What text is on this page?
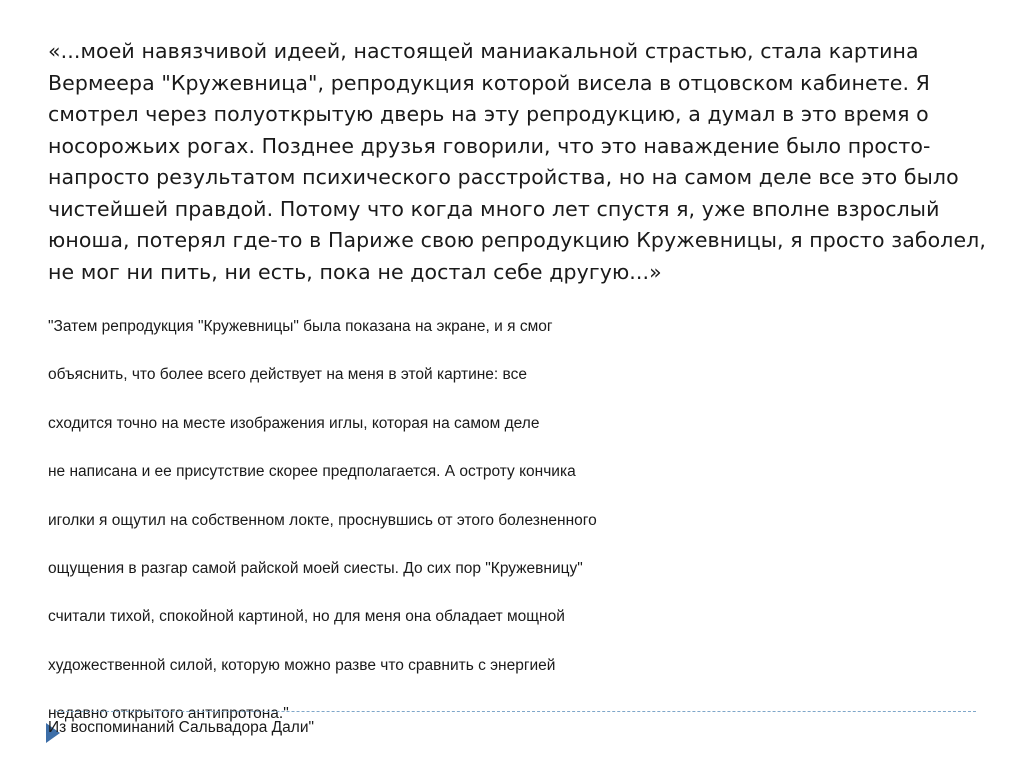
«...моей навязчивой идеей, настоящей маниакальной страстью, стала картина
Вермеера "Кружевница", репродукция которой висела в отцовском кабинете. Я
смотрел через полуоткрытую дверь на эту репродукцию, а думал в это время о
носорожьих рогах. Позднее друзья говорили, что это наваждение было просто-
напросто результатом психического расстройства, но на самом деле все это было
чистейшей правдой. Потому что когда много лет спустя я, уже вполне взрослый
юноша, потерял где-то в Париже свою репродукцию Кружевницы, я просто заболел,
не мог ни пить, ни есть, пока не достал себе другую...»
"Затем репродукция "Кружевницы" была показана на экране, и я смог
объяснить, что более всего действует на меня в этой картине: все
сходится точно на месте изображения иглы, которая на самом деле
не написана и ее присутствие скорее предполагается. А остроту кончика
иголки я ощутил на собственном локте, проснувшись от этого болезненного
ощущения в разгар самой райской моей сиесты. До сих пор "Кружевницу"
считали тихой, спокойной картиной, но для меня она обладает мощной
художественной силой, которую можно разве что сравнить с энергией
недавно открытого антипротона."
Из воспоминаний Сальвадора Дали"
